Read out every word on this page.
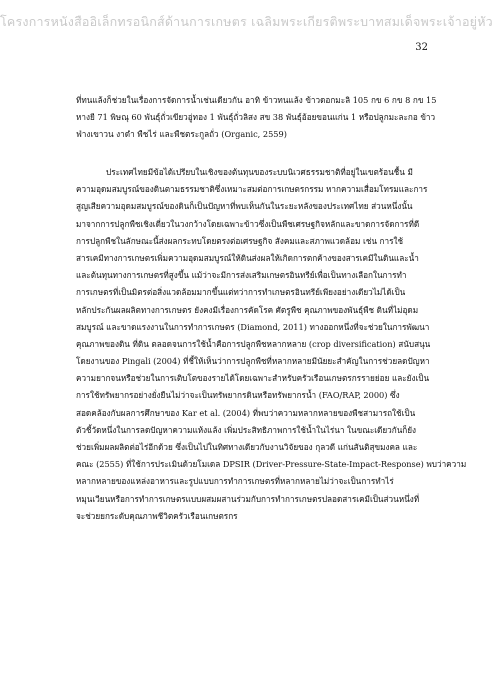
โครงการหนังสืออิเล็กทรอนิกส์ด้านการเกษตร เฉลิมพระเกียรติพระบาทสมเด็จพระเจ้าอยู่หัว
32
ที่ทนแล้งก็ช่วยในเรื่องการจัดการน้ำเช่นเดียวกัน อาทิ ข้าวทนแล้ง ข้าวดอกมะลิ 105 กข 6 กข 8 กข 15
หางยี 71 พิษณุ 60 พันธุ์ถั่วเขียวอู่ทอง 1 พันธุ์ถั่วลิสง สข 38 พันธุ์อ้อยขอนแก่น 1 หรือปลูกมะละกอ ข้าว
ฟ่างเขาวน งาดำ พืชไร่ และพืชตระกูลถั่ว (Organic, 2559)
ประเทศไทยมีข้อได้เปรียบในเชิงของต้นทุนของระบบนิเวศธรรมชาติที่อยู่ในเขตร้อนชื้น มี
ความอุดมสมบูรณ์ของดินตามธรรมชาติซึ่งเหมาะสมต่อการเกษตรกรรม หากความเสื่อมโทรมและการ
สูญเสียความอุดมสมบูรณ์ของดินก็เป็นปัญหาที่พบเห็นกันในระยะหลังของประเทศไทย ส่วนหนึ่งนั้น
มาจากการปลูกพืชเชิงเดี่ยวในวงกว้างโดยเฉพาะข้าวซึ่งเป็นพืชเศรษฐกิจหลักและขาดการจัดการที่ดี
การปลูกพืชในลักษณะนี้ส่งผลกระทบโดยตรงต่อเศรษฐกิจ สังคมและสภาพแวดล้อม เช่น การใช้
สารเคมีทางการเกษตรเพิ่มความอุดมสมบูรณ์ให้ดินส่งผลให้เกิดการตกค้างของสารเคมีในดินและน้ำ
และต้นทุนทางการเกษตรที่สูงขึ้น แม้ว่าจะมีการส่งเสริมเกษตรอินทรีย์เพื่อเป็นทางเลือกในการทำ
การเกษตรที่เป็นมิตรต่อสิ่งแวดล้อมมากขึ้นแต่ทว่าการทำเกษตรอินทรีย์เพียงอย่างเดียวไม่ได้เป็น
หลักประกันผลผลิตทางการเกษตร ยังคงมีเรื่องการคัดโรค ศัตรูพืช คุณภาพของพันธุ์พืช ดินที่ไม่อุดม
สมบูรณ์ และขาดแรงงานในการทำการเกษตร (Diamond, 2011) ทางออกหนึ่งที่จะช่วยในการพัฒนา
คุณภาพของดิน ที่ดิน ตลอดจนการใช้น้ำคือการปลูกพืชหลากหลาย (crop diversification) สนับสนุน
โดยงานของ Pingali (2004) ที่ชี้ให้เห็นว่าการปลูกพืชที่หลากหลายมีนัยยะสำคัญในการช่วยลดปัญหา
ความยากจนหรือช่วยในการเติบโตของรายได้โดยเฉพาะสำหรับครัวเรือนเกษตรกรรายย่อย และยังเป็น
การใช้ทรัพยากรอย่างยั่งยืนไม่ว่าจะเป็นทรัพยากรดินหรือทรัพยากรน้ำ (FAO/RAP, 2000) ซึ่ง
สอดคล้องกับผลการศึกษาของ Kar et al. (2004) ที่พบว่าความหลากหลายของพืชสามารถใช้เป็น
ตัวชี้วัดหนึ่งในการลดปัญหาความแห้งแล้ง เพิ่มประสิทธิภาพการใช้น้ำในไร่นา ในขณะเดียวกันก็ยัง
ช่วยเพิ่มผลผลิตต่อไร่อีกด้วย ซึ่งเป็นไปในทิศทางเดียวกับงานวิจัยของ กุลวดี แก่นสันติสุขมงคล และ
คณะ (2555) ที่ใช้การประเมินด้วยโมเดล DPSIR (Driver-Pressure-State-Impact-Response) พบว่าความ
หลากหลายของแหล่งอาหารและรูปแบบการทำการเกษตรที่หลากหลายไม่ว่าจะเป็นการทำไร่
หมุนเวียนหรือการทำการเกษตรแบบผสมผสานร่วมกับการทำการเกษตรปลอดสารเคมีเป็นส่วนหนึ่งที่
จะช่วยยกระดับคุณภาพชีวิตครัวเรือนเกษตรกร
